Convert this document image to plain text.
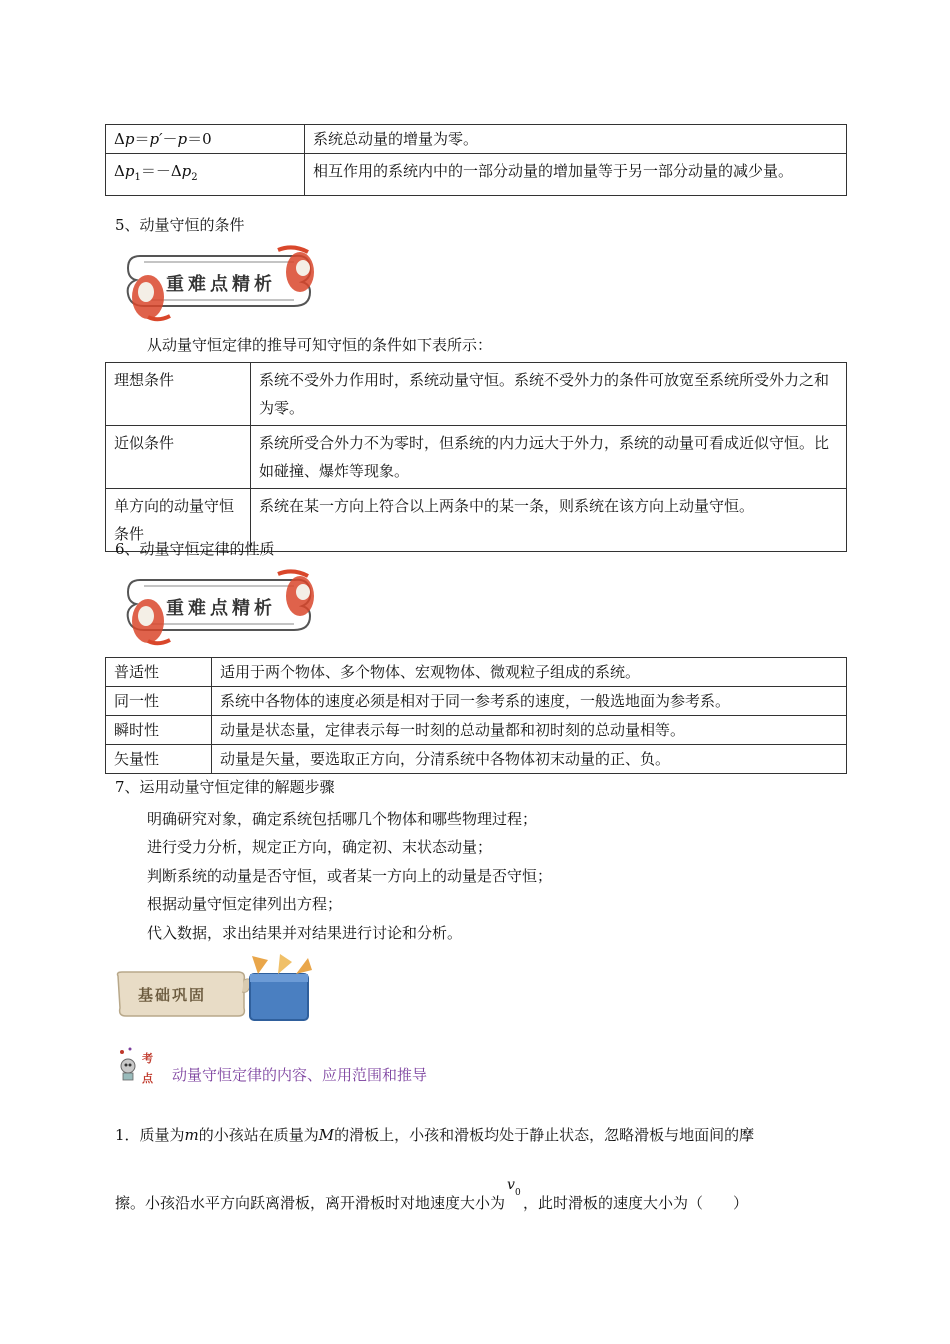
Δp＝p′－p＝0	系统总动量的增量为零。
$\Delta p_1=-\Delta p_2$	相互作用的系统内中的一部分动量的增加量等于另一部分动量的减少量。
5、动量守恒的条件
重难点精析
从动量守恒定律的推导可知守恒的条件如下表所示：
理想条件	系统不受外力作用时，系统动量守恒。系统不受外力的条件可放宽至系统所受外力之和为零。
近似条件	系统所受合外力不为零时，但系统的内力远大于外力，系统的动量可看成近似守恒。比如碰撞、爆炸等现象。
单方向的动量守恒条件	系统在某一方向上符合以上两条中的某一条，则系统在该方向上动量守恒。
6、动量守恒定律的性质
重难点精析
普适性	适用于两个物体、多个物体、宏观物体、微观粒子组成的系统。
同一性	系统中各物体的速度必须是相对于同一参考系的速度，一般选地面为参考系。
瞬时性	动量是状态量，定律表示每一时刻的总动量都和初时刻的总动量相等。
矢量性	动量是矢量，要选取正方向，分清系统中各物体初末动量的正、负。
7、运用动量守恒定律的解题步骤
明确研究对象，确定系统包括哪几个物体和哪些物理过程；
进行受力分析，规定正方向，确定初、末状态动量；
判断系统的动量是否守恒，或者某一方向上的动量是否守恒；
根据动量守恒定律列出方程；
代入数据，求出结果并对结果进行讨论和分析。
基础巩固
考
点 动量守恒定律的内容、应用范围和推导
1．质量为m的小孩站在质量为M的滑板上，小孩和滑板均处于静止状态，忽略滑板与地面间的摩
擦。小孩沿水平方向跃离滑板，离开滑板时对地速度大小为
v 0
，此时滑板的速度大小为（　　）
